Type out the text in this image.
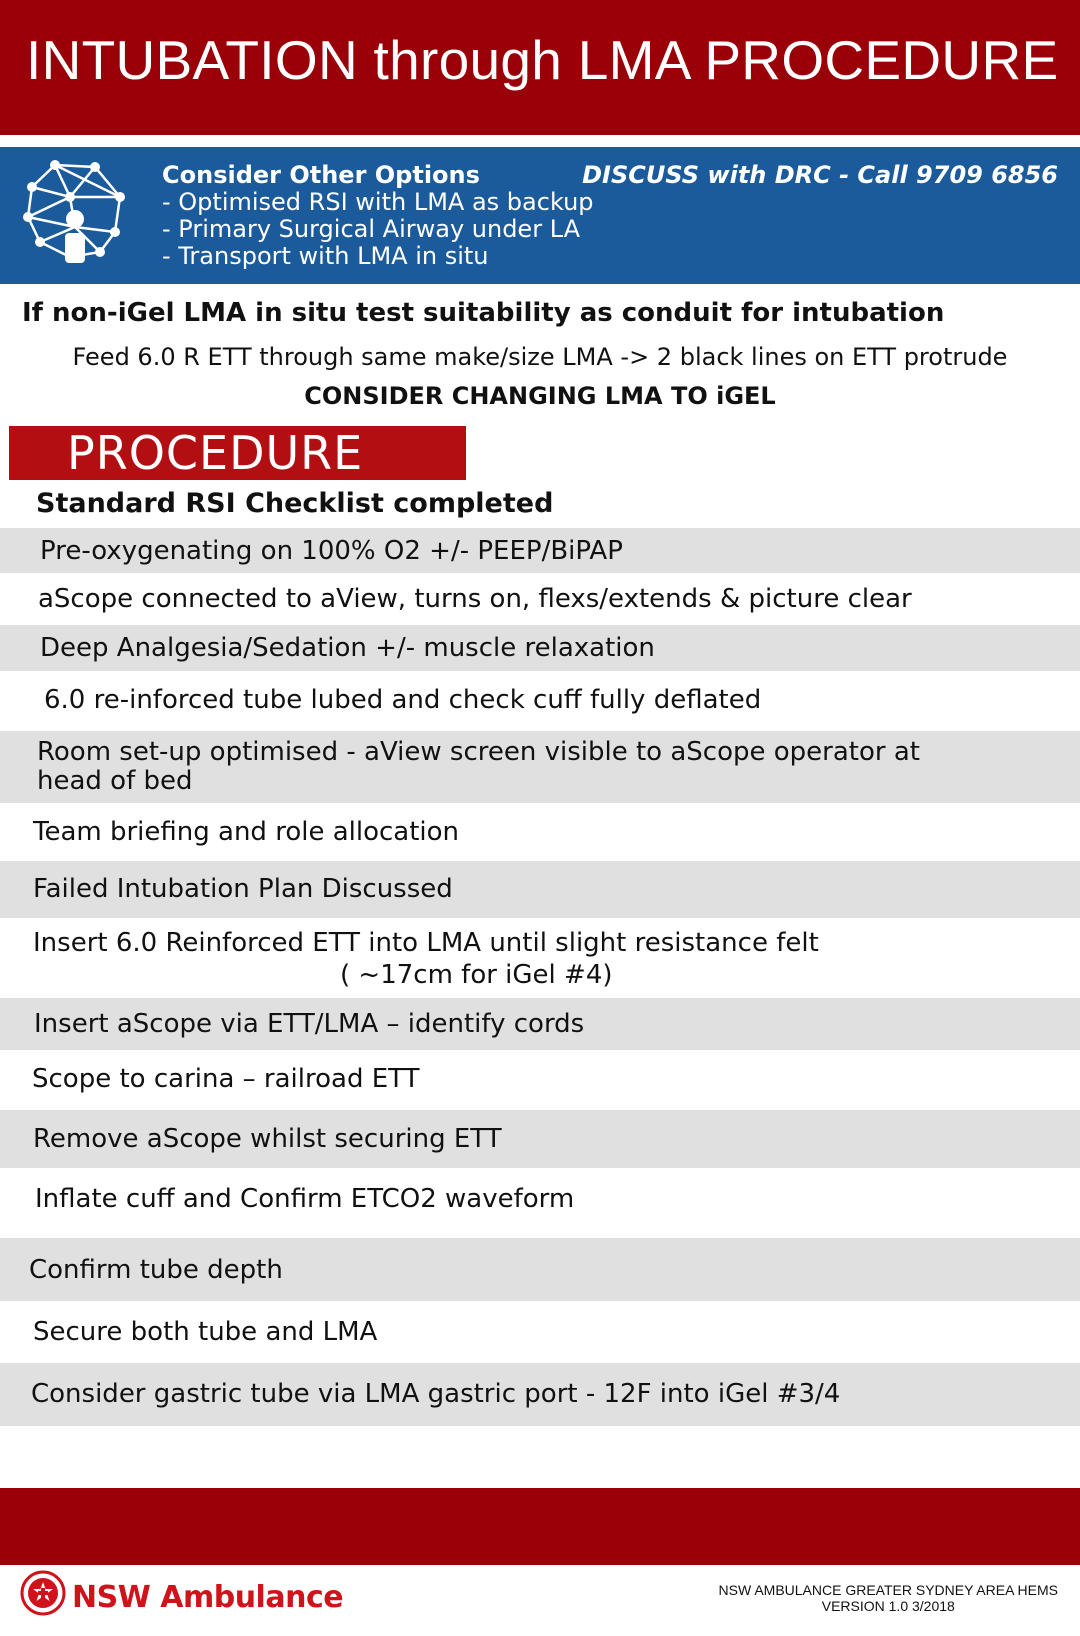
INTUBATION through LMA PROCEDURE
Consider Other Options
- Optimised RSI with LMA as backup
- Primary Surgical Airway under LA
- Transport with LMA in situ
DISCUSS with DRC - Call 9709 6856
If non-iGel LMA in situ test suitability as conduit for intubation
Feed 6.0 R ETT through same make/size LMA -> 2 black lines on ETT protrude
CONSIDER CHANGING LMA TO iGEL
PROCEDURE
Standard RSI Checklist completed
Pre-oxygenating on 100% O2 +/- PEEP/BiPAP
aScope connected to aView, turns on, flexs/extends & picture clear
Deep Analgesia/Sedation +/- muscle relaxation
6.0 re-inforced tube lubed and check cuff fully deflated
Room set-up optimised - aView screen visible to aScope operator at
head of bed
Team briefing and role allocation
Failed Intubation Plan Discussed
Insert 6.0 Reinforced ETT into LMA until slight resistance felt
( ~17cm for iGel #4)
Insert aScope via ETT/LMA – identify cords
Scope to carina – railroad ETT
Remove aScope whilst securing ETT
Inflate cuff and Confirm ETCO2 waveform
Confirm tube depth
Secure both tube and LMA
Consider gastric tube via LMA gastric port - 12F into iGel #3/4
NSW Ambulance	NSW AMBULANCE GREATER SYDNEY AREA HEMS
VERSION 1.0 3/2018
